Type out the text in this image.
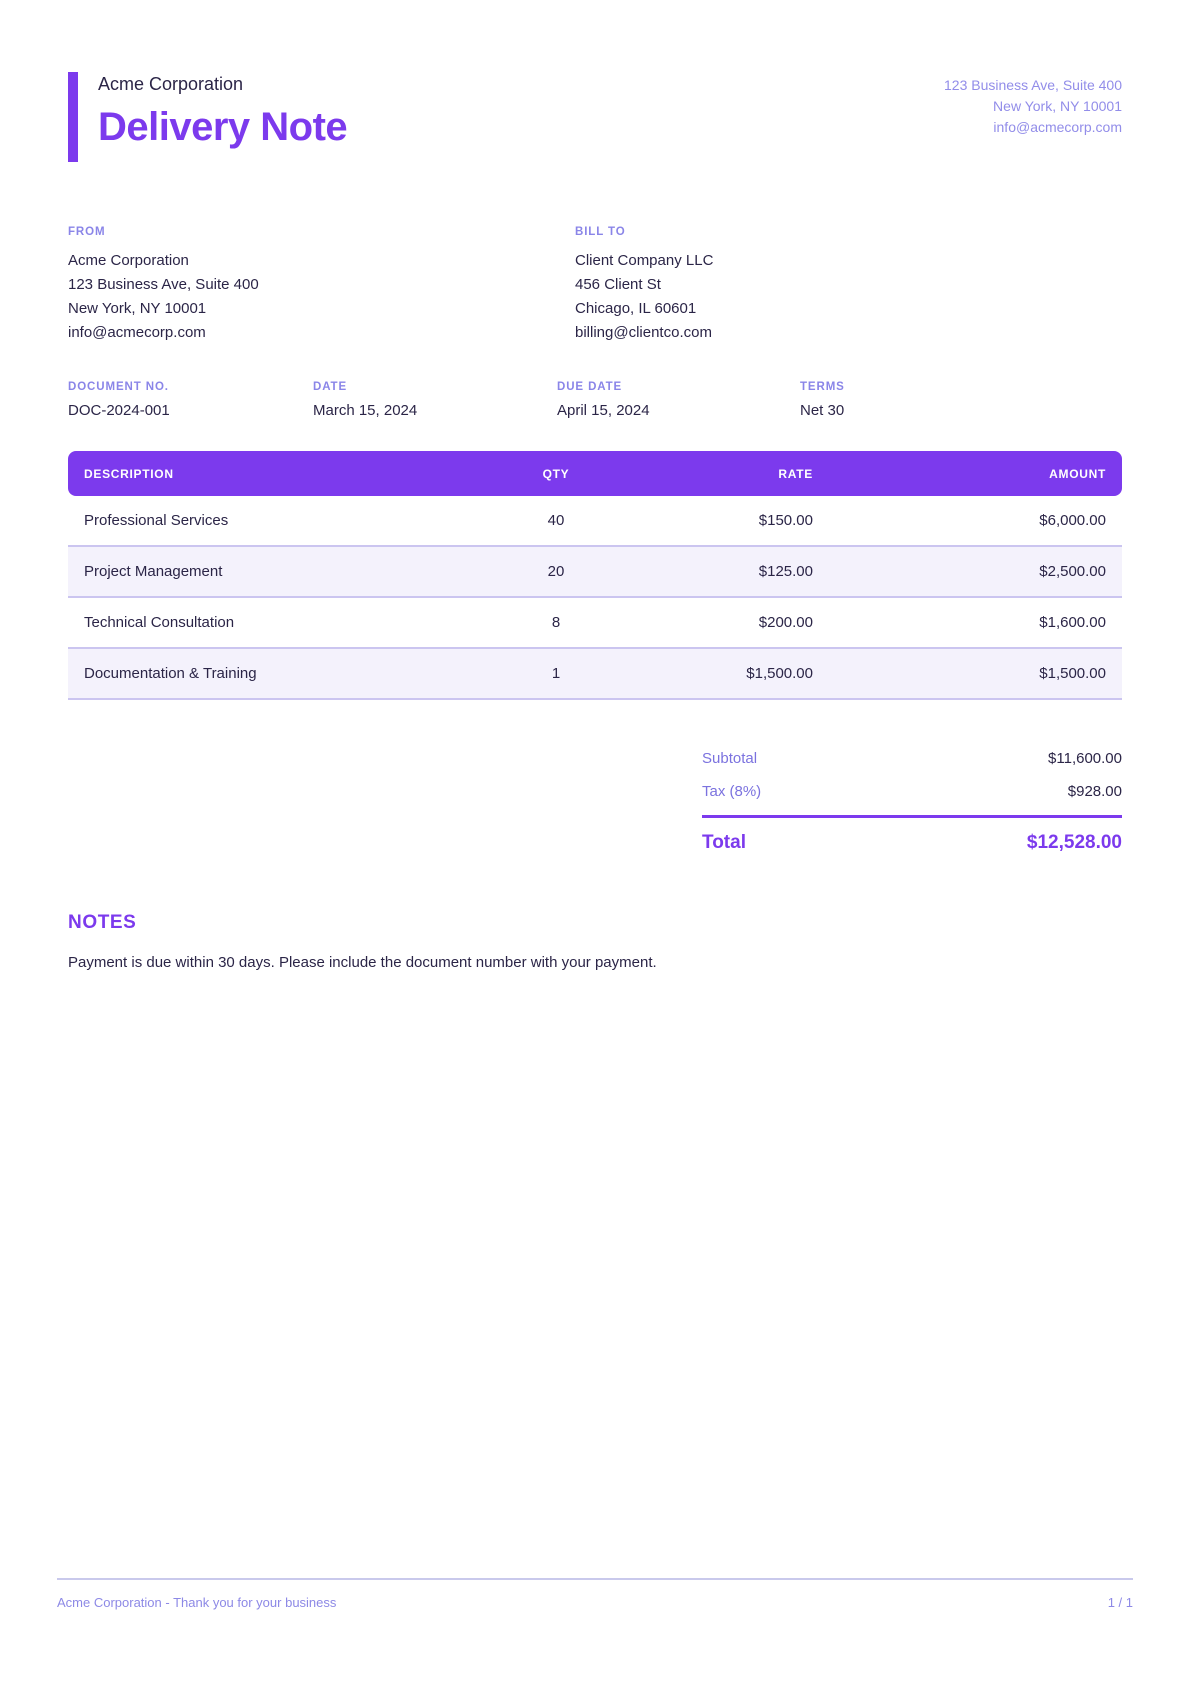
Acme Corporation
Delivery Note
123 Business Ave, Suite 400
New York, NY 10001
info@acmecorp.com
FROM
Acme Corporation
123 Business Ave, Suite 400
New York, NY 10001
info@acmecorp.com
BILL TO
Client Company LLC
456 Client St
Chicago, IL 60601
billing@clientco.com
DOCUMENT NO.
DOC-2024-001
DATE
March 15, 2024
DUE DATE
April 15, 2024
TERMS
Net 30
DESCRIPTION	QTY	RATE	AMOUNT
Professional Services	40	$150.00	$6,000.00
Project Management	20	$125.00	$2,500.00
Technical Consultation	8	$200.00	$1,600.00
Documentation & Training	1	$1,500.00	$1,500.00
Subtotal	$11,600.00
Tax (8%)	$928.00
Total	$12,528.00
NOTES

Payment is due within 30 days. Please include the document number with your payment.

Acme Corporation - Thank you for your business	1 / 1
